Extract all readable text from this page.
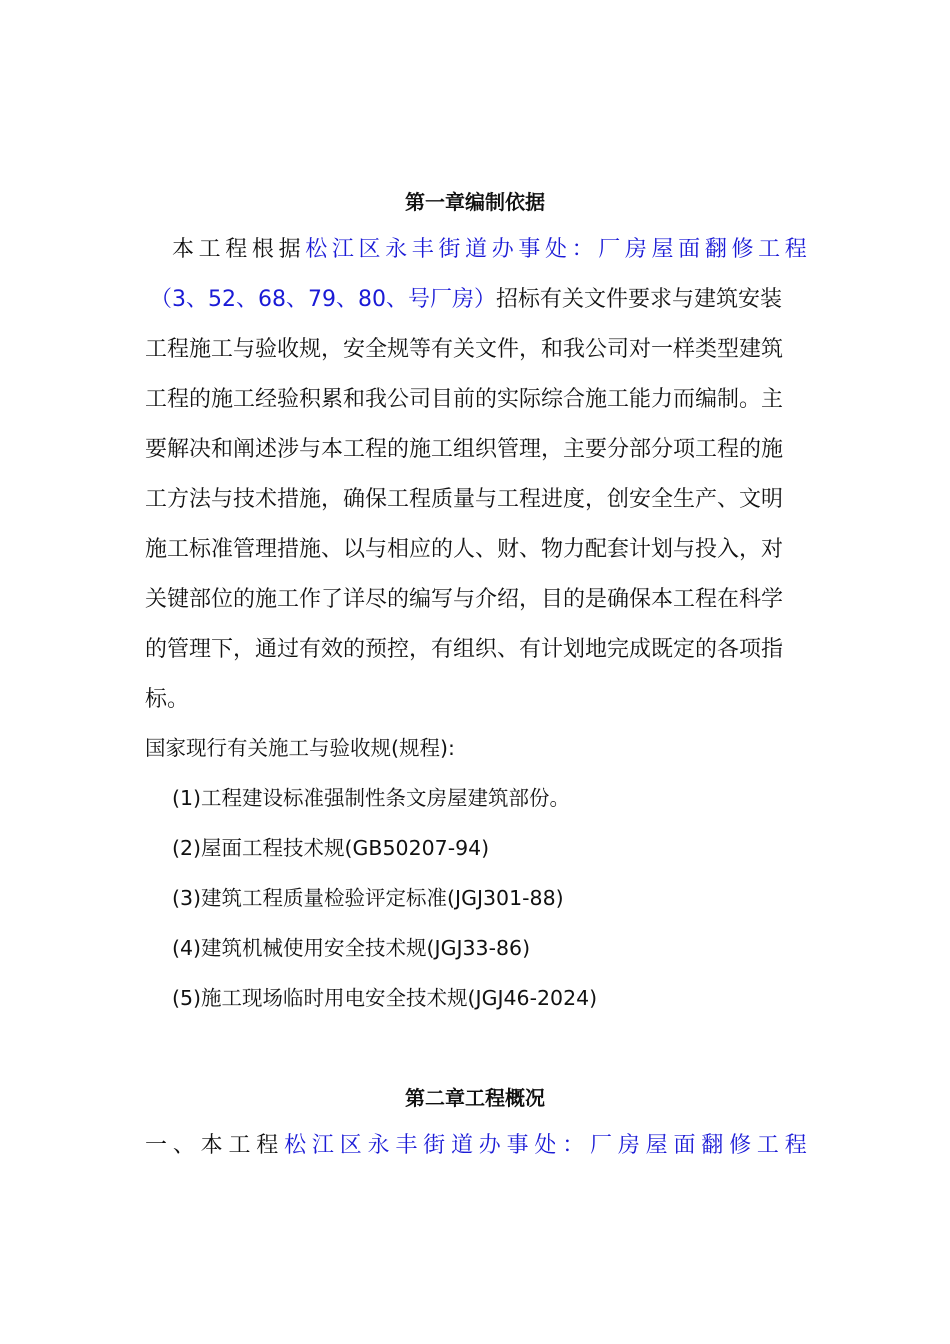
第一章编制依据
本 工 程 根 据 松 江 区 永 丰 街 道 办 事 处 ： 厂 房 屋 面 翻 修 工 程
（3、52、68、79、80、号厂房）招标有关文件要求与建筑安装
工程施工与验收规，安全规等有关文件，和我公司对一样类型建筑
工程的施工经验积累和我公司目前的实际综合施工能力而编制。主
要解决和阐述涉与本工程的施工组织管理，主要分部分项工程的施
工方法与技术措施，确保工程质量与工程进度，创安全生产、文明
施工标准管理措施、以与相应的人、财、物力配套计划与投入，对
关键部位的施工作了详尽的编写与介绍，目的是确保本工程在科学
的管理下，通过有效的预控，有组织、有计划地完成既定的各项指
标。
国家现行有关施工与验收规(规程):
(1)工程建设标准强制性条文房屋建筑部份。
(2)屋面工程技术规(GB50207-94)
(3)建筑工程质量检验评定标准(JGJ301-88)
(4)建筑机械使用安全技术规(JGJ33-86)
(5)施工现场临时用电安全技术规(JGJ46-2024)
第二章工程概况
一 、 本 工 程 松 江 区 永 丰 街 道 办 事 处 ： 厂 房 屋 面 翻 修 工 程
